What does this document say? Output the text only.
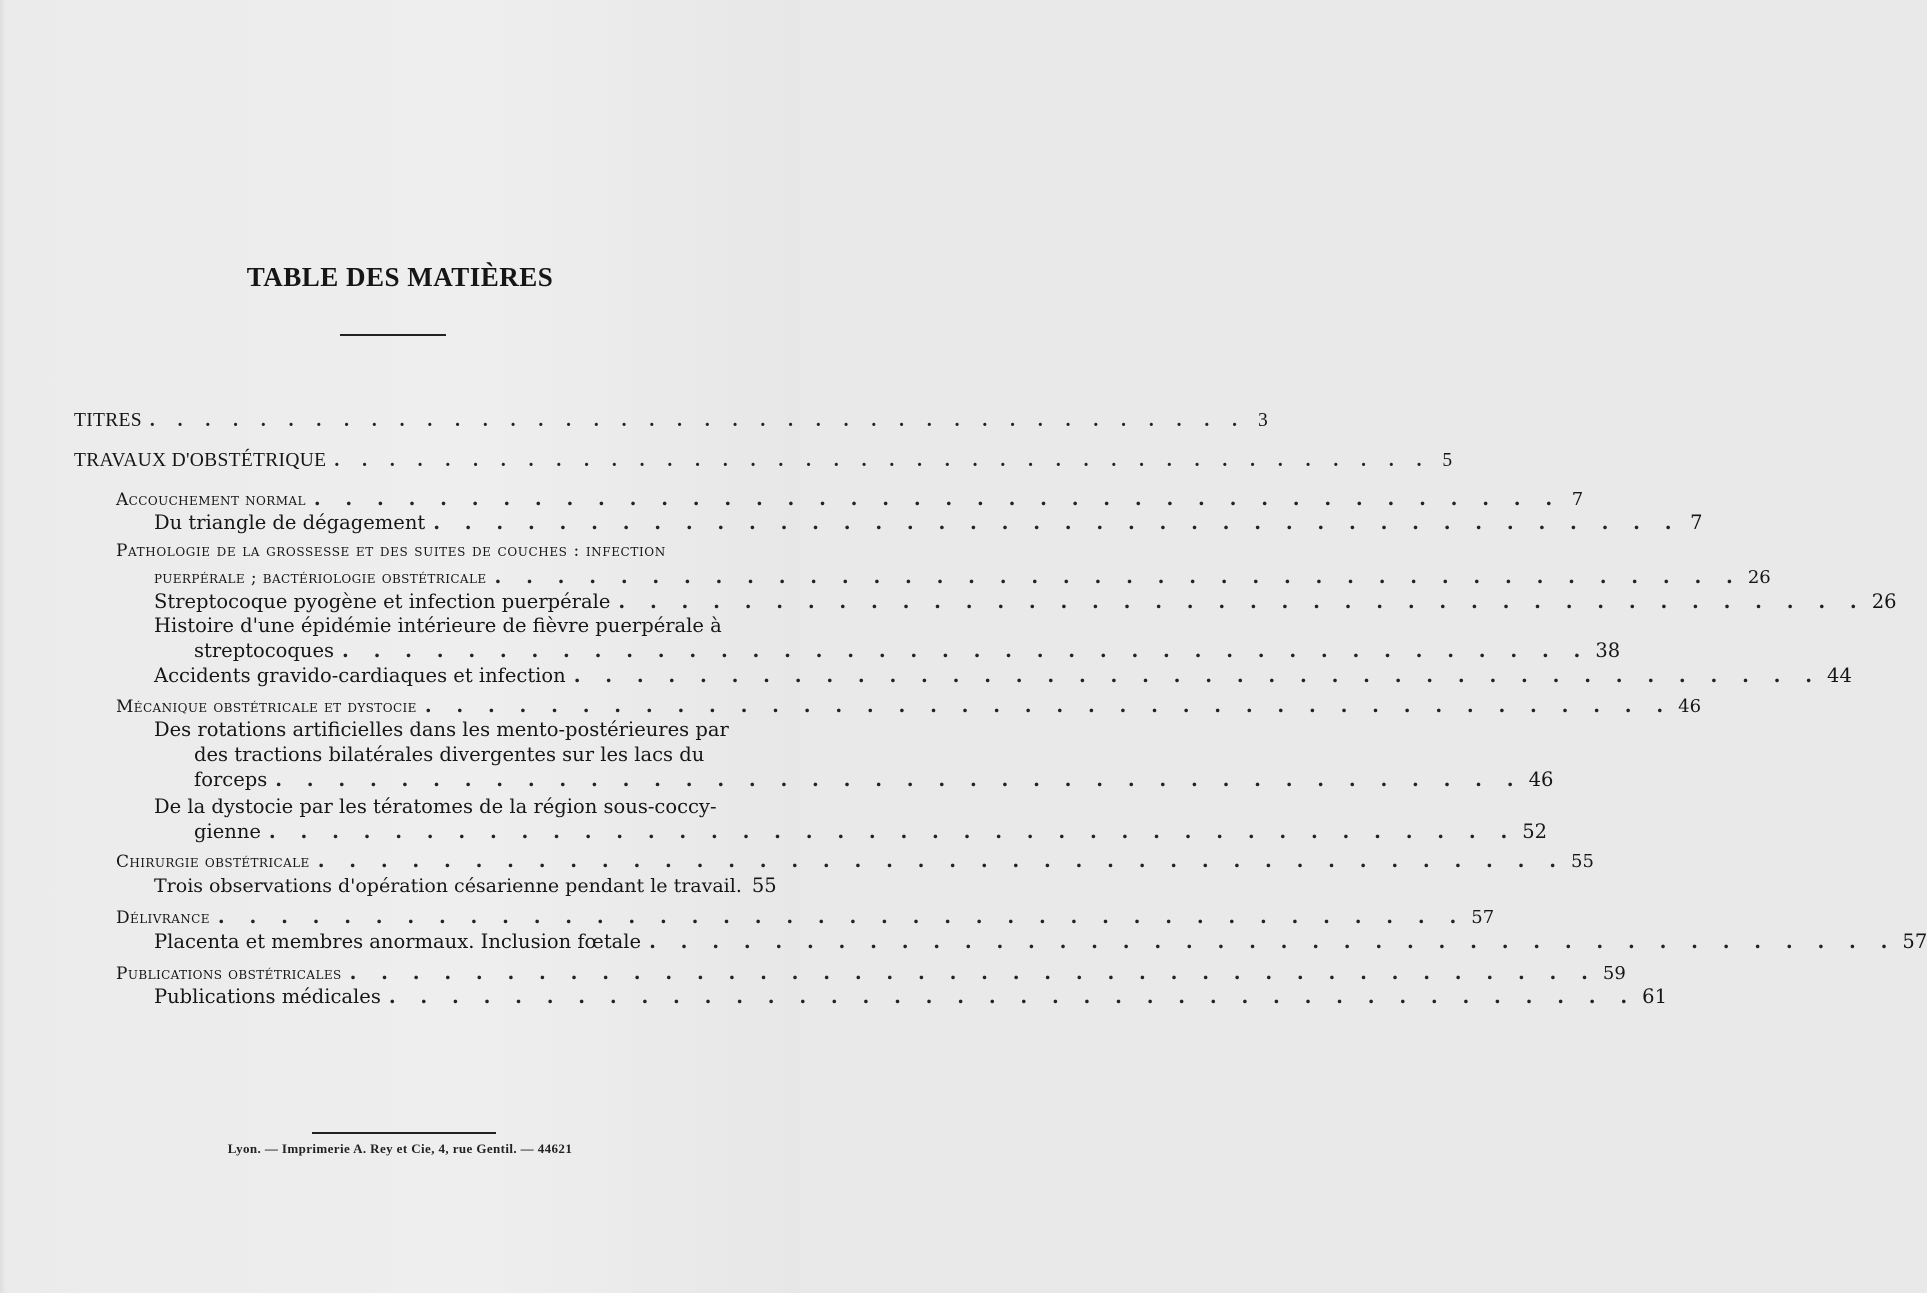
TABLE DES MATIÈRES
TITRES . . . . . . . . . . . . . . . . . . . . . . . . . . . . . . . . . . . . . . . . 3
TRAVAUX D'OBSTÉTRIQUE . . . . . . . . . . . . . . . . . . . . . . . . . . . . . . . . . . . . . . . . 5
Accouchement normal . . . . . . . . . . . . . . . . . . . . . . . . . . . . . . . . . . . . . . . . 7
Du triangle de dégagement . . . . . . . . . . . . . . . . . . . . . . . . . . . . . . . . . . . . . . . . 7
Pathologie de la grossesse et des suites de couches : infection
puerpérale ; bactériologie obstétricale . . . . . . . . . . . . . . . . . . . . . . . . . . . . . . . . . . . . . . . . 26
Streptocoque pyogène et infection puerpérale . . . . . . . . . . . . . . . . . . . . . . . . . . . . . . . . . . . . . . . . 26
Histoire d'une épidémie intérieure de fièvre puerpérale à
streptocoques . . . . . . . . . . . . . . . . . . . . . . . . . . . . . . . . . . . . . . . . 38
Accidents gravido-cardiaques et infection . . . . . . . . . . . . . . . . . . . . . . . . . . . . . . . . . . . . . . . . 44
Mécanique obstétricale et dystocie . . . . . . . . . . . . . . . . . . . . . . . . . . . . . . . . . . . . . . . . 46
Des rotations artificielles dans les mento-postérieures par
des tractions bilatérales divergentes sur les lacs du
forceps . . . . . . . . . . . . . . . . . . . . . . . . . . . . . . . . . . . . . . . . 46
De la dystocie par les tératomes de la région sous-coccy-
gienne . . . . . . . . . . . . . . . . . . . . . . . . . . . . . . . . . . . . . . . . 52
Chirurgie obstétricale . . . . . . . . . . . . . . . . . . . . . . . . . . . . . . . . . . . . . . . . 55
Trois observations d'opération césarienne pendant le travail. 55
Délivrance . . . . . . . . . . . . . . . . . . . . . . . . . . . . . . . . . . . . . . . . 57
Placenta et membres anormaux. Inclusion fœtale . . . . . . . . . . . . . . . . . . . . . . . . . . . . . . . . . . . . . . . . 57
Publications obstétricales . . . . . . . . . . . . . . . . . . . . . . . . . . . . . . . . . . . . . . . . 59
Publications médicales . . . . . . . . . . . . . . . . . . . . . . . . . . . . . . . . . . . . . . . . 61
Lyon. — Imprimerie A. Rey et Cie, 4, rue Gentil. — 44621
